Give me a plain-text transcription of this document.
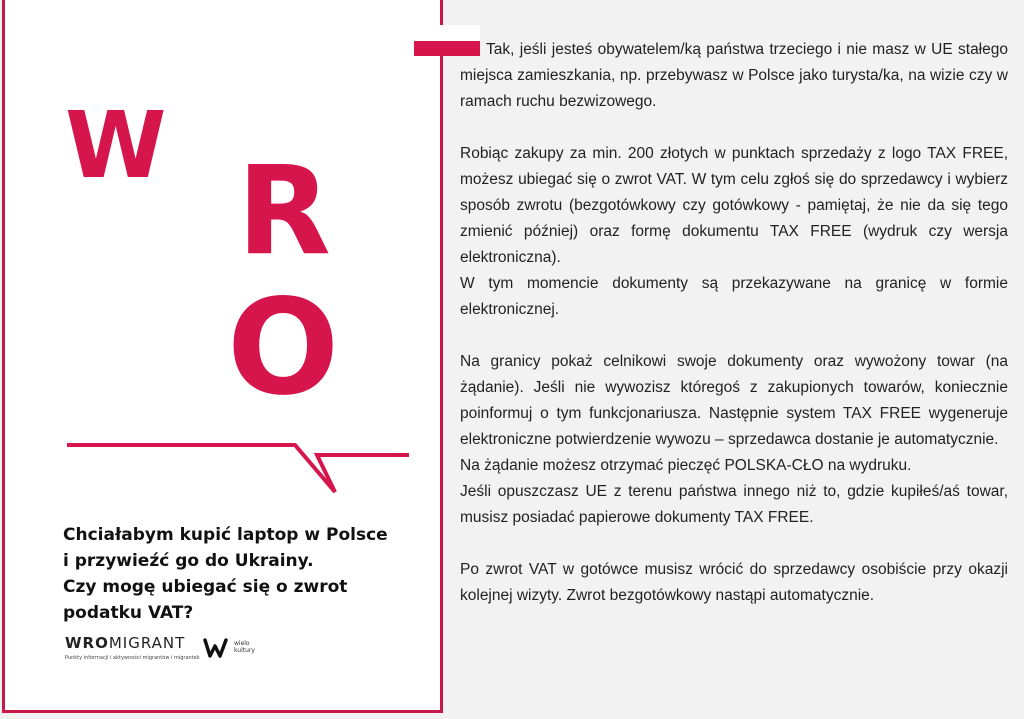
W R
O
Chciałabym kupić laptop w Polsce
i przywieźć go do Ukrainy.
Czy mogę ubiegać się o zwrot
podatku VAT?
WROMIGRANT
Punkty informacji i aktywności migrantów i migrantek
wielo
kultury

Tak, jeśli jesteś obywatelem/ką państwa trzeciego i nie masz w UE stałego miejsca zamieszkania, np. przebywasz w Polsce jako turysta/ka, na wizie czy w ramach ruchu bezwizowego.

Robiąc zakupy za min. 200 złotych w punktach sprzedaży z logo TAX FREE, możesz ubiegać się o zwrot VAT. W tym celu zgłoś się do sprzedawcy i wybierz sposób zwrotu (bezgotówkowy czy gotówkowy - pamiętaj, że nie da się tego zmienić później) oraz formę dokumentu TAX FREE (wydruk czy wersja elektroniczna).

W tym momencie dokumenty są przekazywane na granicę w formie elektronicznej.

Na granicy pokaż celnikowi swoje dokumenty oraz wywożony towar (na żądanie). Jeśli nie wywozisz któregoś z zakupionych towarów, koniecznie poinformuj o tym funkcjonariusza. Następnie system TAX FREE wygeneruje elektroniczne potwierdzenie wywozu – sprzedawca dostanie je automatycznie.

Na żądanie możesz otrzymać pieczęć POLSKA-CŁO na wydruku.

Jeśli opuszczasz UE z terenu państwa innego niż to, gdzie kupiłeś/aś towar, musisz posiadać papierowe dokumenty TAX FREE.

Po zwrot VAT w gotówce musisz wrócić do sprzedawcy osobiście przy okazji kolejnej wizyty. Zwrot bezgotówkowy nastąpi automatycznie.
